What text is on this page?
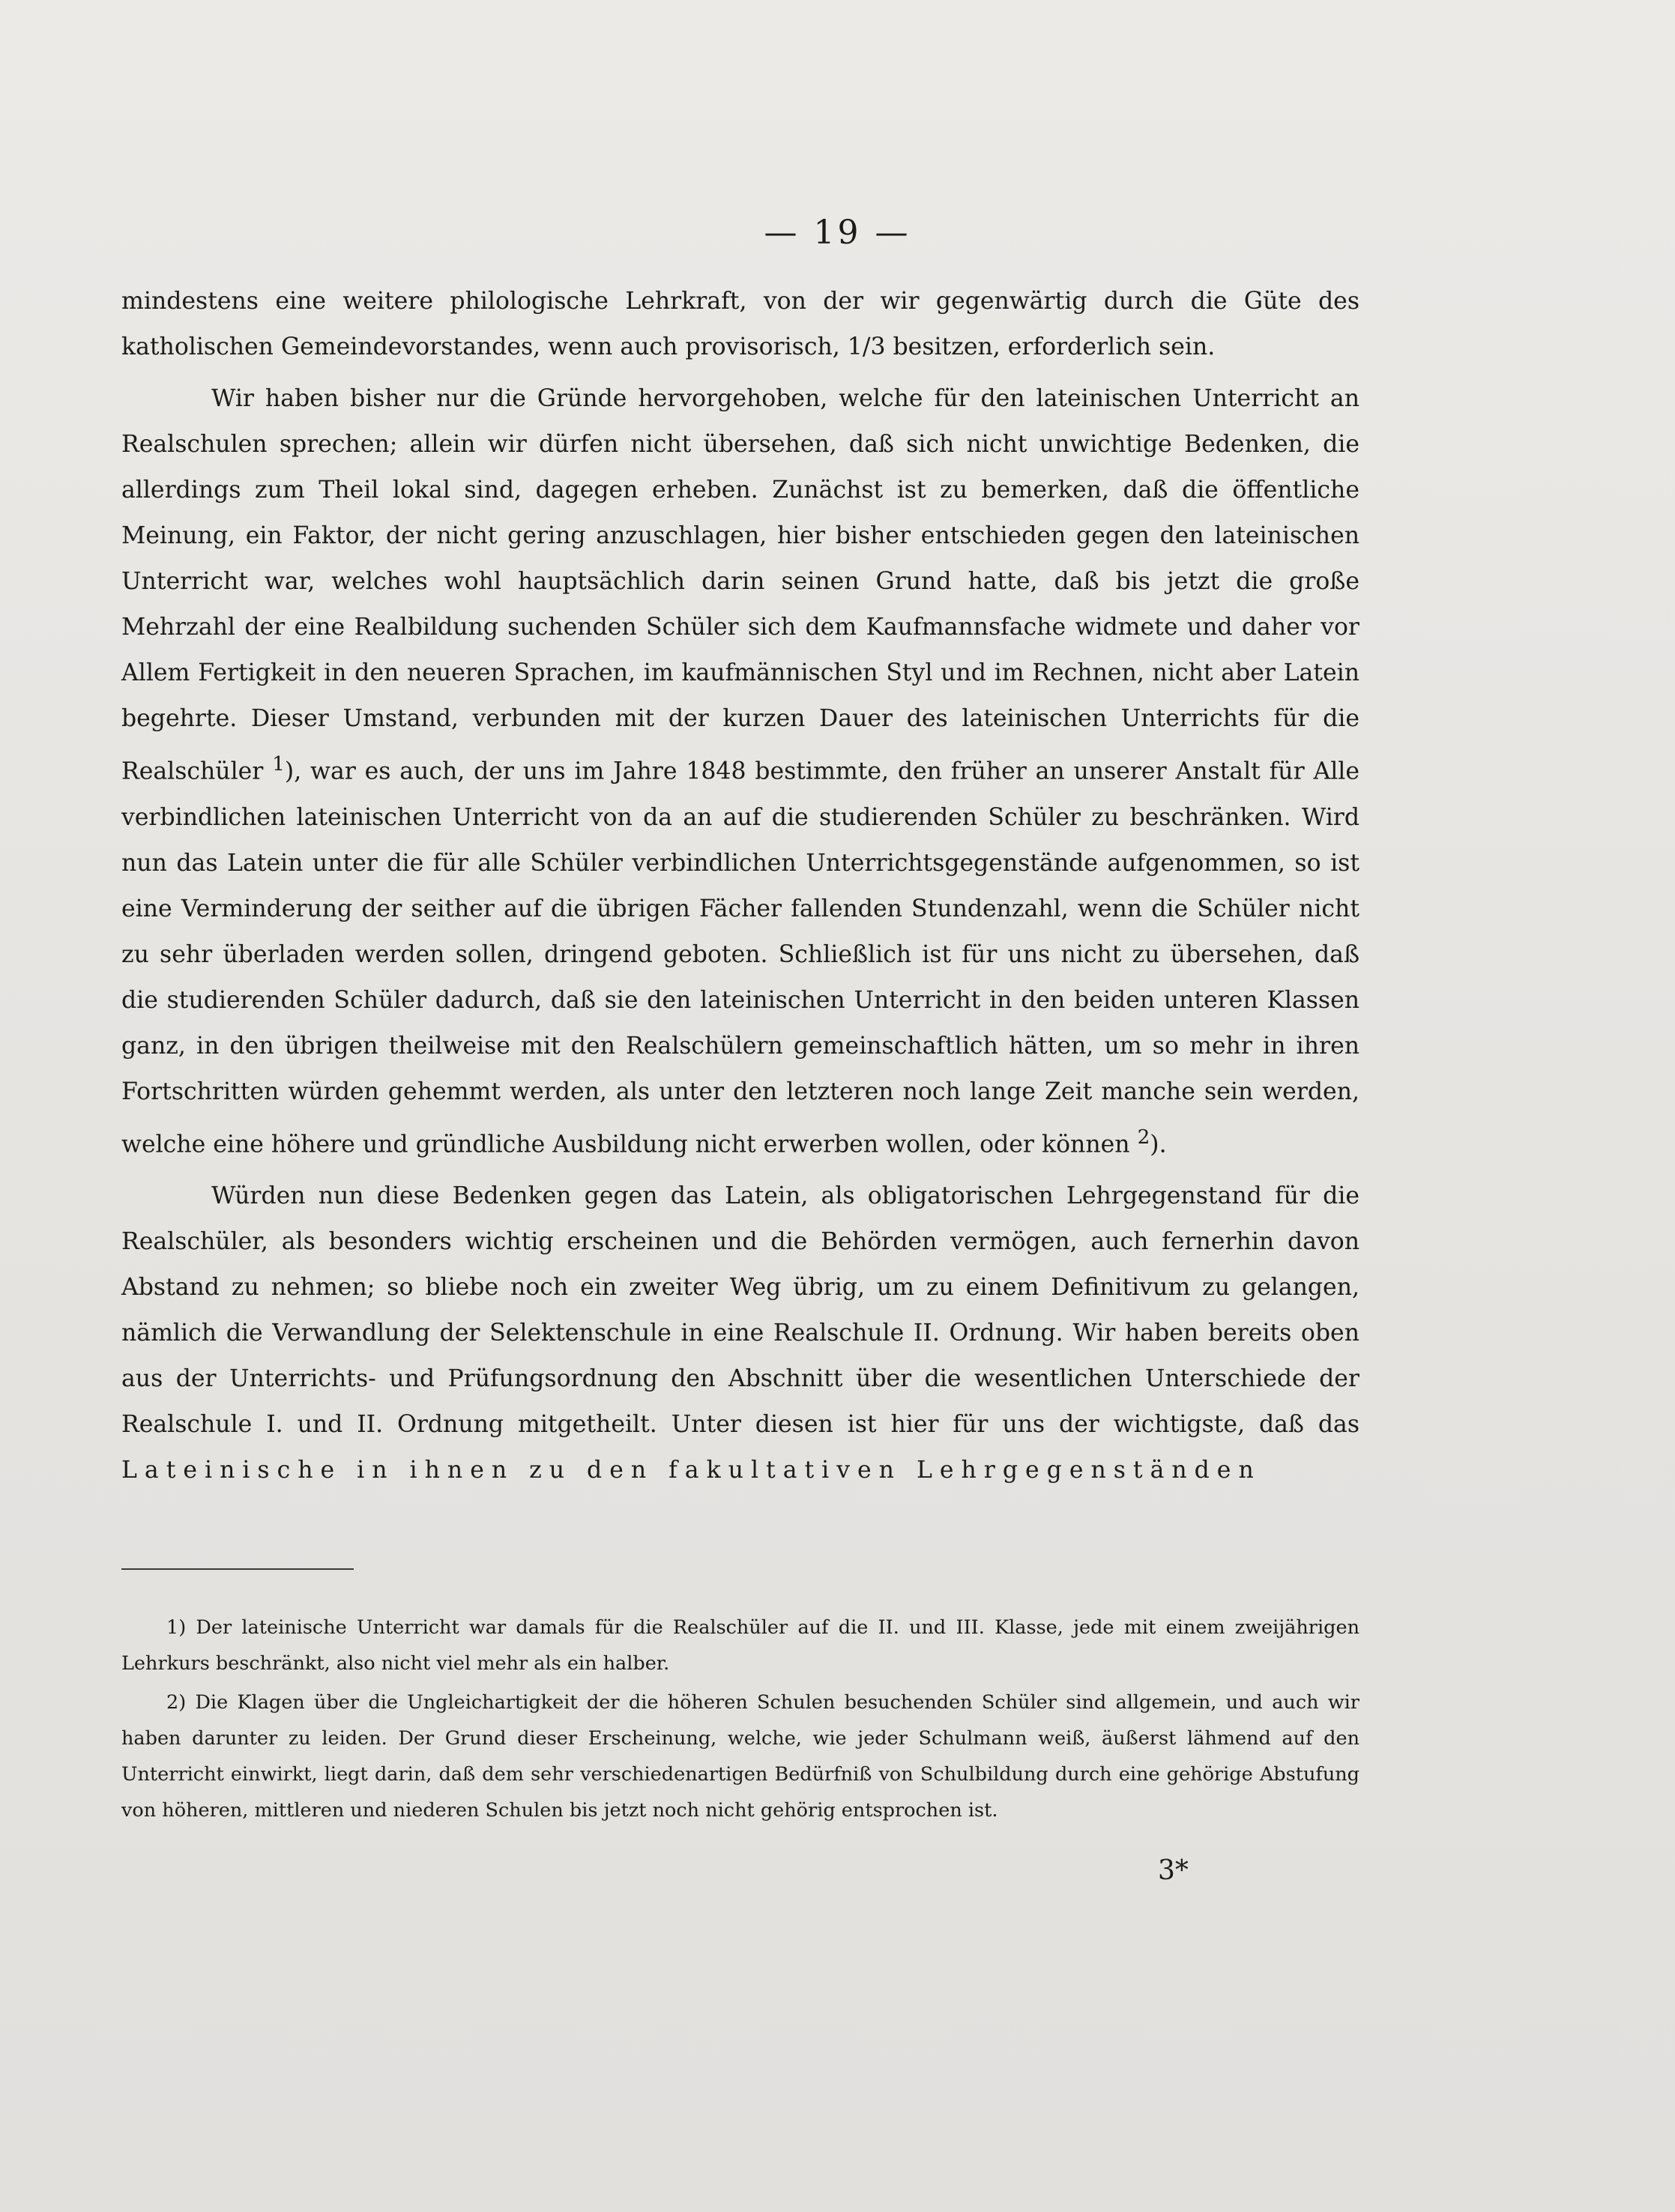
— 19 —

mindestens eine weitere philologische Lehrkraft, von der wir gegenwärtig durch die Güte des katholischen Gemeindevorstandes, wenn auch provisorisch, 1/3 besitzen, erforderlich sein.

Wir haben bisher nur die Gründe hervorgehoben, welche für den lateinischen Unterricht an Realschulen sprechen; allein wir dürfen nicht übersehen, daß sich nicht unwichtige Bedenken, die allerdings zum Theil lokal sind, dagegen erheben. Zunächst ist zu bemerken, daß die öffentliche Meinung, ein Faktor, der nicht gering anzuschlagen, hier bisher entschieden gegen den lateinischen Unterricht war, welches wohl hauptsächlich darin seinen Grund hatte, daß bis jetzt die große Mehrzahl der eine Realbildung suchenden Schüler sich dem Kaufmannsfache widmete und daher vor Allem Fertigkeit in den neueren Sprachen, im kaufmännischen Styl und im Rechnen, nicht aber Latein begehrte. Dieser Umstand, verbunden mit der kurzen Dauer des lateinischen Unterrichts für die Realschüler $^1$), war es auch, der uns im Jahre 1848 bestimmte, den früher an unserer Anstalt für Alle verbindlichen lateinischen Unterricht von da an auf die studierenden Schüler zu beschränken. Wird nun das Latein unter die für alle Schüler verbindlichen Unterrichtsgegenstände aufgenommen, so ist eine Verminderung der seither auf die übrigen Fächer fallenden Stundenzahl, wenn die Schüler nicht zu sehr überladen werden sollen, dringend geboten. Schließlich ist für uns nicht zu übersehen, daß die studierenden Schüler dadurch, daß sie den lateinischen Unterricht in den beiden unteren Klassen ganz, in den übrigen theilweise mit den Realschülern gemeinschaftlich hätten, um so mehr in ihren Fortschritten würden gehemmt werden, als unter den letzteren noch lange Zeit manche sein werden, welche eine höhere und gründliche Ausbildung nicht erwerben wollen, oder können $^2$).

Würden nun diese Bedenken gegen das Latein, als obligatorischen Lehrgegenstand für die Realschüler, als besonders wichtig erscheinen und die Behörden vermögen, auch fernerhin davon Abstand zu nehmen; so bliebe noch ein zweiter Weg übrig, um zu einem Definitivum zu gelangen, nämlich die Verwandlung der Selektenschule in eine Realschule II. Ordnung. Wir haben bereits oben aus der Unterrichts- und Prüfungsordnung den Abschnitt über die wesentlichen Unterschiede der Realschule I. und II. Ordnung mitgetheilt. Unter diesen ist hier für uns der wichtigste, daß das Lateinische in ihnen zu den fakultativen Lehrgegenständen

1) Der lateinische Unterricht war damals für die Realschüler auf die II. und III. Klasse, jede mit einem zweijährigen Lehrkurs beschränkt, also nicht viel mehr als ein halber.

2) Die Klagen über die Ungleichartigkeit der die höheren Schulen besuchenden Schüler sind allgemein, und auch wir haben darunter zu leiden. Der Grund dieser Erscheinung, welche, wie jeder Schulmann weiß, äußerst lähmend auf den Unterricht einwirkt, liegt darin, daß dem sehr verschiedenartigen Bedürfniß von Schulbildung durch eine gehörige Abstufung von höheren, mittleren und niederen Schulen bis jetzt noch nicht gehörig entsprochen ist.

3*
